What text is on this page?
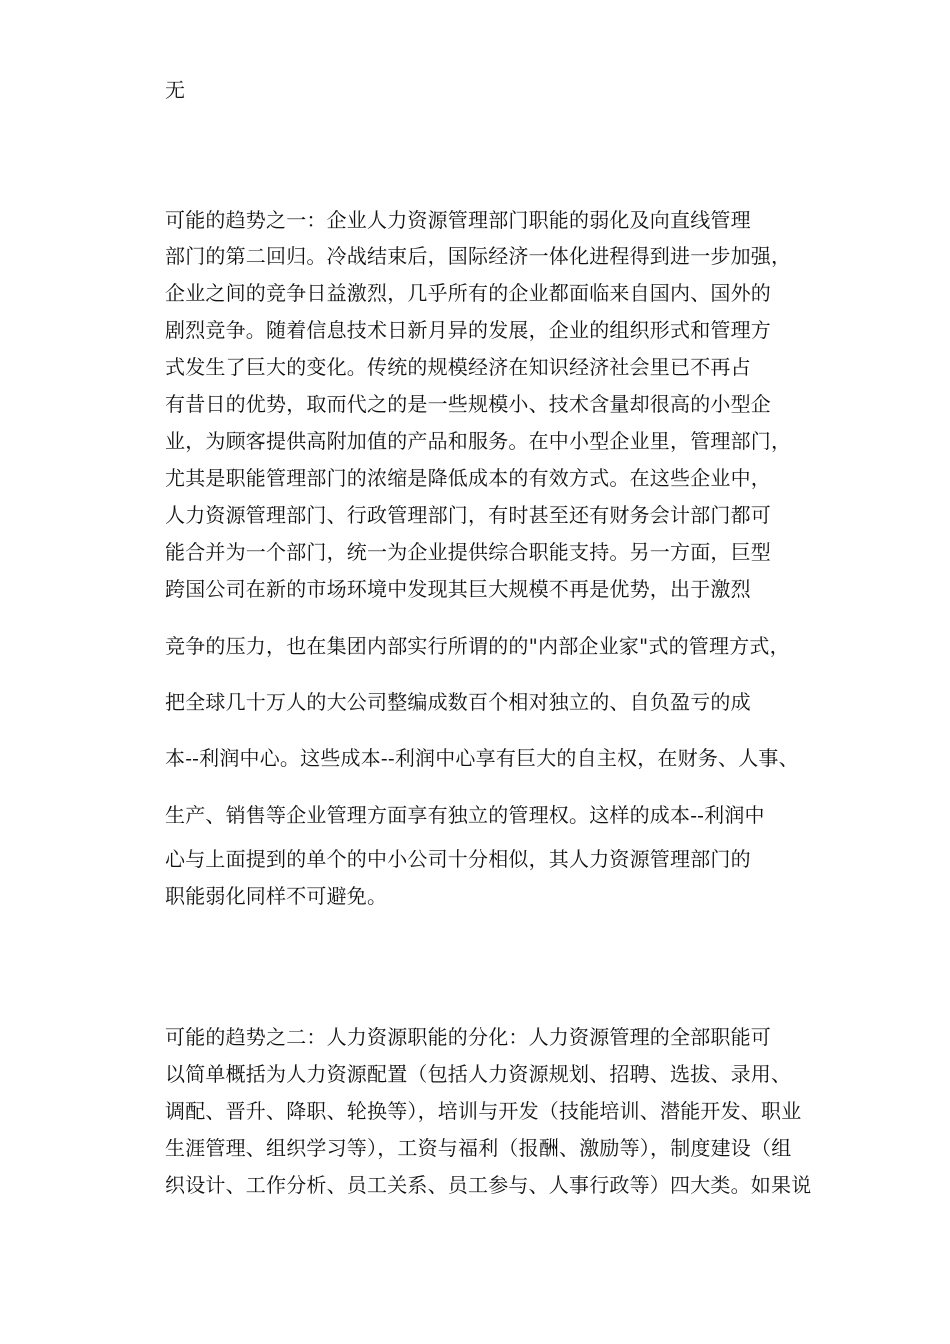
无
可能的趋势之一：企业人力资源管理部门职能的弱化及向直线管理
部门的第二回归。冷战结束后，国际经济一体化进程得到进一步加强，
企业之间的竞争日益激烈，几乎所有的企业都面临来自国内、国外的
剧烈竞争。随着信息技术日新月异的发展，企业的组织形式和管理方
式发生了巨大的变化。传统的规模经济在知识经济社会里已不再占
有昔日的优势，取而代之的是一些规模小、技术含量却很高的小型企
业，为顾客提供高附加值的产品和服务。在中小型企业里，管理部门，
尤其是职能管理部门的浓缩是降低成本的有效方式。在这些企业中，
人力资源管理部门、行政管理部门，有时甚至还有财务会计部门都可
能合并为一个部门，统一为企业提供综合职能支持。另一方面，巨型
跨国公司在新的市场环境中发现其巨大规模不再是优势，出于激烈
竞争的压力，也在集团内部实行所谓的的"内部企业家"式的管理方式，
把全球几十万人的大公司整编成数百个相对独立的、自负盈亏的成
本--利润中心。这些成本--利润中心享有巨大的自主权，在财务、人事、
生产、销售等企业管理方面享有独立的管理权。这样的成本--利润中
心与上面提到的单个的中小公司十分相似，其人力资源管理部门的
职能弱化同样不可避免。
可能的趋势之二：人力资源职能的分化：人力资源管理的全部职能可
以简单概括为人力资源配置（包括人力资源规划、招聘、选拔、录用、
调配、晋升、降职、轮换等），培训与开发（技能培训、潜能开发、职业
生涯管理、组织学习等），工资与福利（报酬、激励等），制度建设（组
织设计、工作分析、员工关系、员工参与、人事行政等）四大类。如果说
